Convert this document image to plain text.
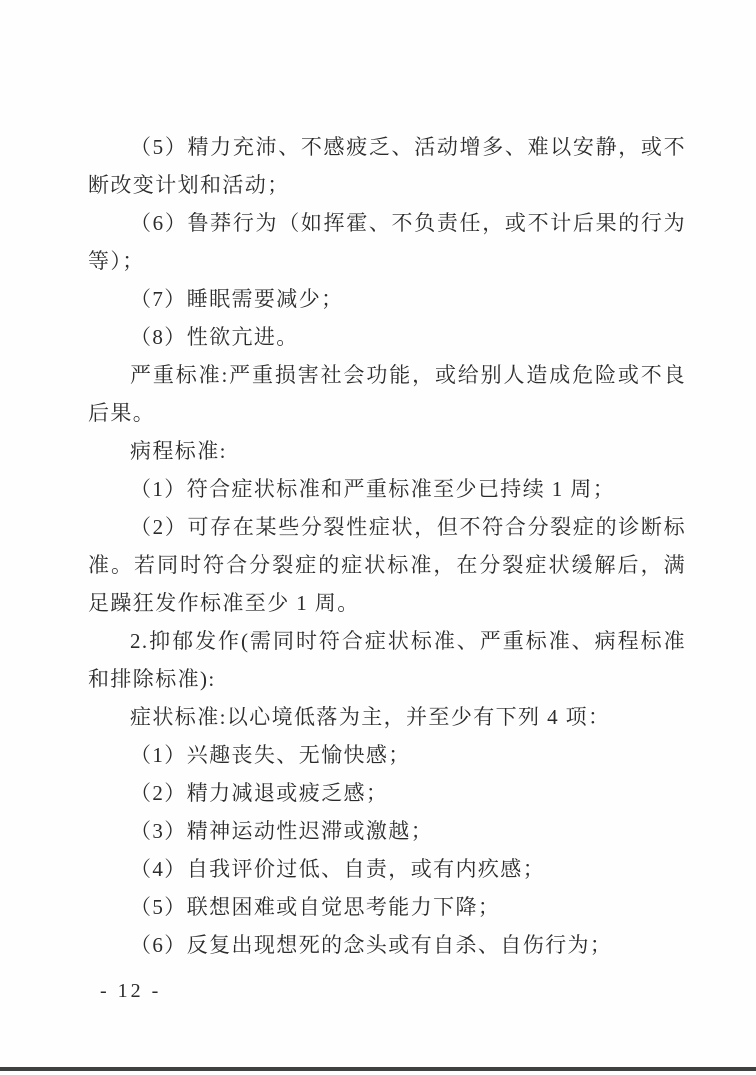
（5）精力充沛、不感疲乏、活动增多、难以安静，或不断改变计划和活动；

（6）鲁莽行为（如挥霍、不负责任，或不计后果的行为等）；

（7）睡眠需要减少；

（8）性欲亢进。

严重标准:严重损害社会功能，或给别人造成危险或不良后果。

病程标准:

（1）符合症状标准和严重标准至少已持续 1 周；

（2）可存在某些分裂性症状，但不符合分裂症的诊断标准。若同时符合分裂症的症状标准，在分裂症状缓解后，满足躁狂发作标准至少 1 周。

2.抑郁发作(需同时符合症状标准、严重标准、病程标准和排除标准):

症状标准:以心境低落为主，并至少有下列 4 项：

（1）兴趣丧失、无愉快感；

（2）精力减退或疲乏感；

（3）精神运动性迟滞或激越；

（4）自我评价过低、自责，或有内疚感；

（5）联想困难或自觉思考能力下降；

（6）反复出现想死的念头或有自杀、自伤行为；

- 12 -
